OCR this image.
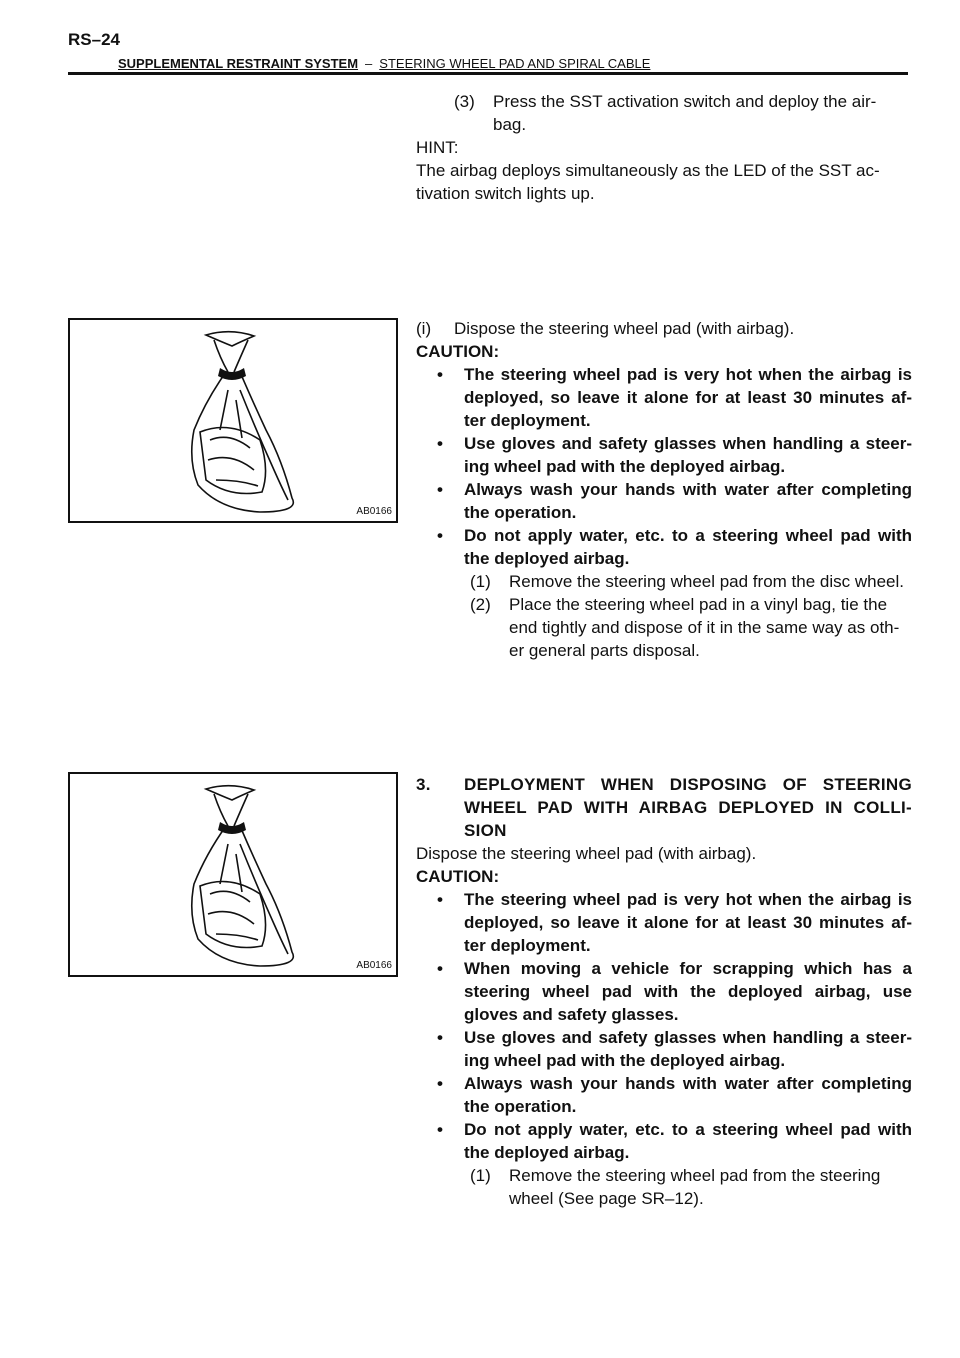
RS–24
SUPPLEMENTAL RESTRAINT SYSTEM – STEERING WHEEL PAD AND SPIRAL CABLE
(3)	Press the SST activation switch and deploy the air- bag.

HINT:

The airbag deploys simultaneously as the LED of the SST ac- tivation switch lights up.

AB0166
(i)	Dispose the steering wheel pad (with airbag).

CAUTION:

•	The steering wheel pad is very hot when the airbag is deployed, so leave it alone for at least 30 minutes af- ter deployment.
•	Use gloves and safety glasses when handling a steer- ing wheel pad with the deployed airbag.
•	Always wash your hands with water after completing the operation.
•	Do not apply water, etc. to a steering wheel pad with the deployed airbag.
(1)	Remove the steering wheel pad from the disc wheel.
(2)	Place the steering wheel pad in a vinyl bag, tie the end tightly and dispose of it in the same way as oth- er general parts disposal.
AB0166
3.	DEPLOYMENT WHEN DISPOSING OF STEERING WHEEL PAD WITH AIRBAG DEPLOYED IN COLLI- SION

Dispose the steering wheel pad (with airbag).

CAUTION:

•	The steering wheel pad is very hot when the airbag is deployed, so leave it alone for at least 30 minutes af- ter deployment.
•	When moving a vehicle for scrapping which has a steering wheel pad with the deployed airbag, use gloves and safety glasses.
•	Use gloves and safety glasses when handling a steer- ing wheel pad with the deployed airbag.
•	Always wash your hands with water after completing the operation.
•	Do not apply water, etc. to a steering wheel pad with the deployed airbag.
(1)	Remove the steering wheel pad from the steering wheel (See page SR–12).
